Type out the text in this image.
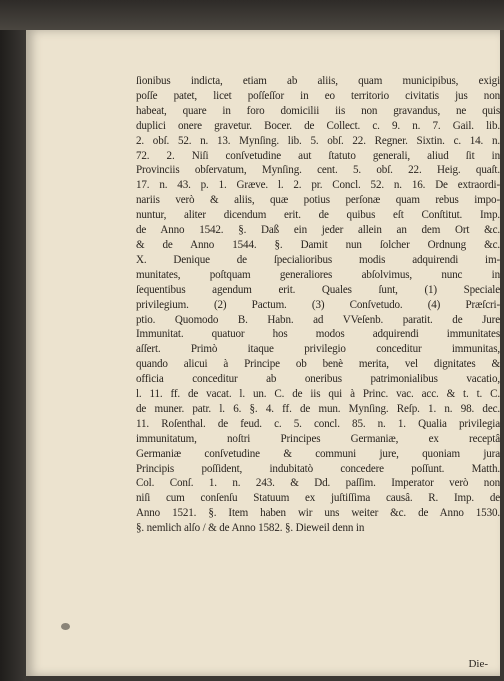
ſionibus indicta, etiam ab aliis, quam municipibus, exigi
poſſe patet, licet poſſeſſor in eo territorio civitatis jus non
habeat, quare in foro domicilii iis non gravandus, ne quis
duplici onere gravetur. Bocer. de Collect. c. 9. n. 7. Gail. lib.
2. obſ. 52. n. 13. Mynſing. lib. 5. obſ. 22. Regner. Sixtin. c. 14. n.
72. 2. Niſi conſvetudine aut ſtatuto generali, aliud ſit in
Provinciis obſervatum, Mynſing. cent. 5. obſ. 22. Heig. quaſt.
17. n. 43. p. 1. Græve. l. 2. pr. Concl. 52. n. 16. De extraordi-
nariis verò & aliis, quæ potius perſonæ quam rebus impo-
nuntur, aliter dicendum erit. de quibus eſt Conſtitut. Imp.
de Anno 1542. §. Daß ein jeder allein an dem Ort &c.
& de Anno 1544. §. Damit nun ſolcher Ordnung &c.
X. Denique de ſpecialioribus modis adquirendi im-
munitates, poſtquam generaliores abſolvimus, nunc in
ſequentibus agendum erit. Quales ſunt, (1) Speciale
privilegium. (2) Pactum. (3) Conſvetudo. (4) Præſcri-
ptio. Quomodo B. Habn. ad VVeſenb. paratit. de Jure
Immunitat. quatuor hos modos adquirendi immunitates
aſſert. Primò itaque privilegio conceditur immunitas,
quando alicui à Principe ob benè merita, vel dignitates &
officia conceditur ab oneribus patrimonialibus vacatio,
l. 11. ff. de vacat. l. un. C. de iis qui à Princ. vac. acc. & t. t. C.
de muner. patr. l. 6. §. 4. ff. de mun. Mynſing. Reſp. 1. n. 98. dec.
11. Roſenthal. de feud. c. 5. concl. 85. n. 1. Qualia privilegia
immunitatum, noſtri Principes Germaniæ, ex receptâ
Germaniæ conſvetudine & communi jure, quoniam jura
Principis poſſident, indubitatò concedere poſſunt. Matth.
Col. Conſ. 1. n. 243. & Dd. paſſim. Imperator verò non
niſi cum conſenſu Statuum ex juſtiſſima causâ. R. Imp. de
Anno 1521. §. Item haben wir uns weiter &c. de Anno 1530.
§. nemlich alſo / & de Anno 1582. §. Dieweil denn in
Die-
